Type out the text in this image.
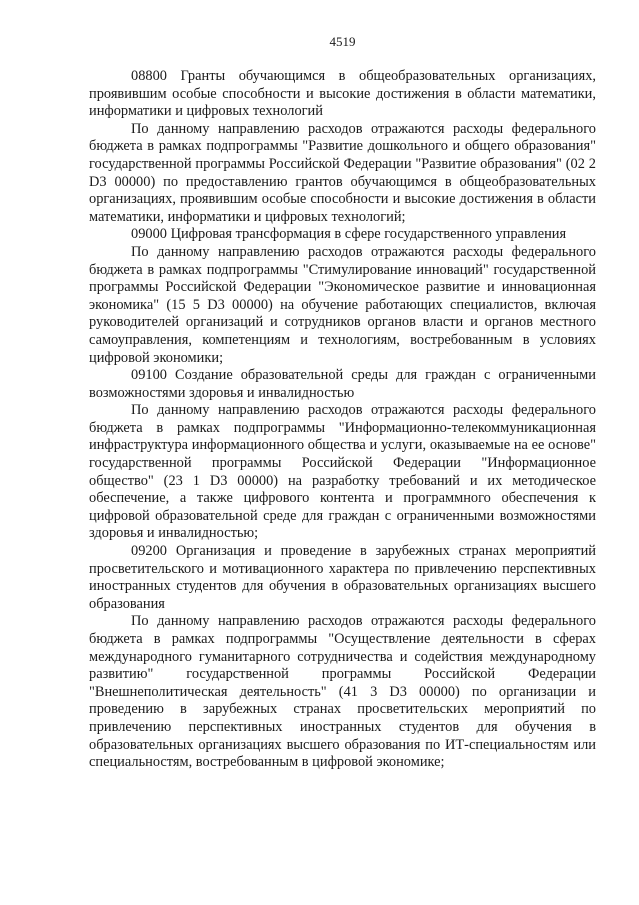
4519

08800 Гранты обучающимся в общеобразовательных организациях, проявившим особые способности и высокие достижения в области математики, информатики и цифровых технологий

По данному направлению расходов отражаются расходы федерального бюджета в рамках подпрограммы "Развитие дошкольного и общего образования" государственной программы Российской Федерации "Развитие образования" (02 2 D3 00000) по предоставлению грантов обучающимся в общеобразовательных организациях, проявившим особые способности и высокие достижения в области математики, информатики и цифровых технологий;

09000 Цифровая трансформация в сфере государственного управления

По данному направлению расходов отражаются расходы федерального бюджета в рамках подпрограммы "Стимулирование инноваций" государственной программы Российской Федерации "Экономическое развитие и инновационная экономика" (15 5 D3 00000) на обучение работающих специалистов, включая руководителей организаций и сотрудников органов власти и органов местного самоуправления, компетенциям и технологиям, востребованным в условиях цифровой экономики;

09100 Создание образовательной среды для граждан с ограниченными возможностями здоровья и инвалидностью

По данному направлению расходов отражаются расходы федерального бюджета в рамках подпрограммы "Информационно-телекоммуникационная инфраструктура информационного общества и услуги, оказываемые на ее основе" государственной программы Российской Федерации "Информационное общество" (23 1 D3 00000) на разработку требований и их методическое обеспечение, а также цифрового контента и программного обеспечения к цифровой образовательной среде для граждан с ограниченными возможностями здоровья и инвалидностью;

09200 Организация и проведение в зарубежных странах мероприятий просветительского и мотивационного характера по привлечению перспективных иностранных студентов для обучения в образовательных организациях высшего образования

По данному направлению расходов отражаются расходы федерального бюджета в рамках подпрограммы "Осуществление деятельности в сферах международного гуманитарного сотрудничества и содействия международному развитию" государственной программы Российской Федерации "Внешнеполитическая деятельность" (41 3 D3 00000) по организации и проведению в зарубежных странах просветительских мероприятий по привлечению перспективных иностранных студентов для обучения в образовательных организациях высшего образования по ИТ-специальностям или специальностям, востребованным в цифровой экономике;
